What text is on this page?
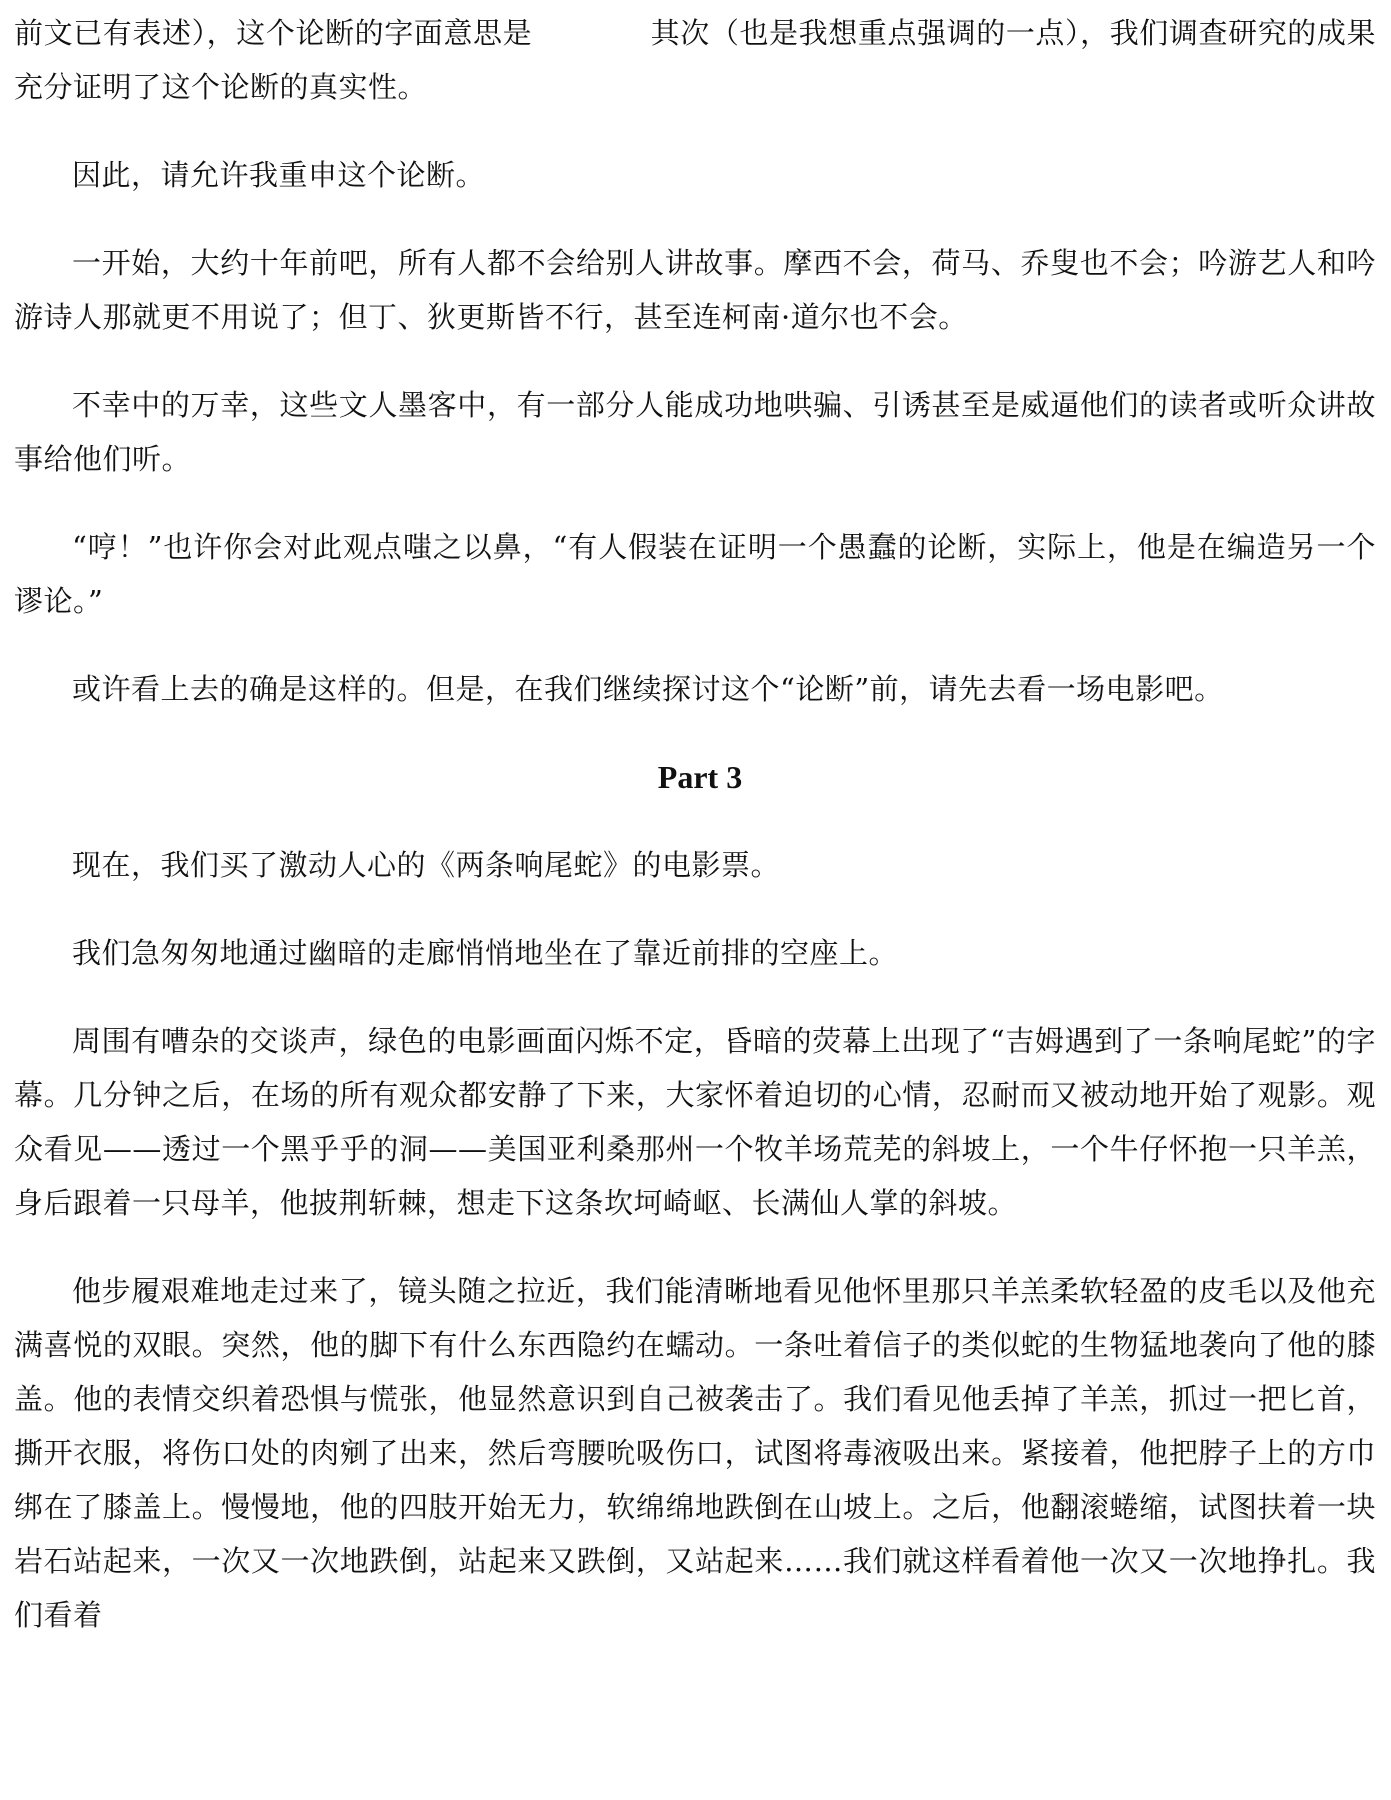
前文已有表述），这个论断的字面意思是　　　　其次（也是我想重点强调的一点），我们调查研究的成果充分证明了这个论断的真实性。

因此，请允许我重申这个论断。

一开始，大约十年前吧，所有人都不会给别人讲故事。摩西不会，荷马、乔叟也不会；吟游艺人和吟游诗人那就更不用说了；但丁、狄更斯皆不行，甚至连柯南·道尔也不会。

不幸中的万幸，这些文人墨客中，有一部分人能成功地哄骗、引诱甚至是威逼他们的读者或听众讲故事给他们听。

“哼！”也许你会对此观点嗤之以鼻，“有人假装在证明一个愚蠢的论断，实际上，他是在编造另一个谬论。”

或许看上去的确是这样的。但是，在我们继续探讨这个“论断”前，请先去看一场电影吧。

Part 3

现在，我们买了激动人心的《两条响尾蛇》的电影票。

我们急匆匆地通过幽暗的走廊悄悄地坐在了靠近前排的空座上。

周围有嘈杂的交谈声，绿色的电影画面闪烁不定，昏暗的荧幕上出现了“吉姆遇到了一条响尾蛇”的字幕。几分钟之后，在场的所有观众都安静了下来，大家怀着迫切的心情，忍耐而又被动地开始了观影。观众看见——透过一个黑乎乎的洞——美国亚利桑那州一个牧羊场荒芜的斜坡上，一个牛仔怀抱一只羊羔，身后跟着一只母羊，他披荆斩棘，想走下这条坎坷崎岖、长满仙人掌的斜坡。

他步履艰难地走过来了，镜头随之拉近，我们能清晰地看见他怀里那只羊羔柔软轻盈的皮毛以及他充满喜悦的双眼。突然，他的脚下有什么东西隐约在蠕动。一条吐着信子的类似蛇的生物猛地袭向了他的膝盖。他的表情交织着恐惧与慌张，他显然意识到自己被袭击了。我们看见他丢掉了羊羔，抓过一把匕首，撕开衣服，将伤口处的肉剜了出来，然后弯腰吮吸伤口，试图将毒液吸出来。紧接着，他把脖子上的方巾绑在了膝盖上。慢慢地，他的四肢开始无力，软绵绵地跌倒在山坡上。之后，他翻滚蜷缩，试图扶着一块岩石站起来，一次又一次地跌倒，站起来又跌倒，又站起来……我们就这样看着他一次又一次地挣扎。我们看着
